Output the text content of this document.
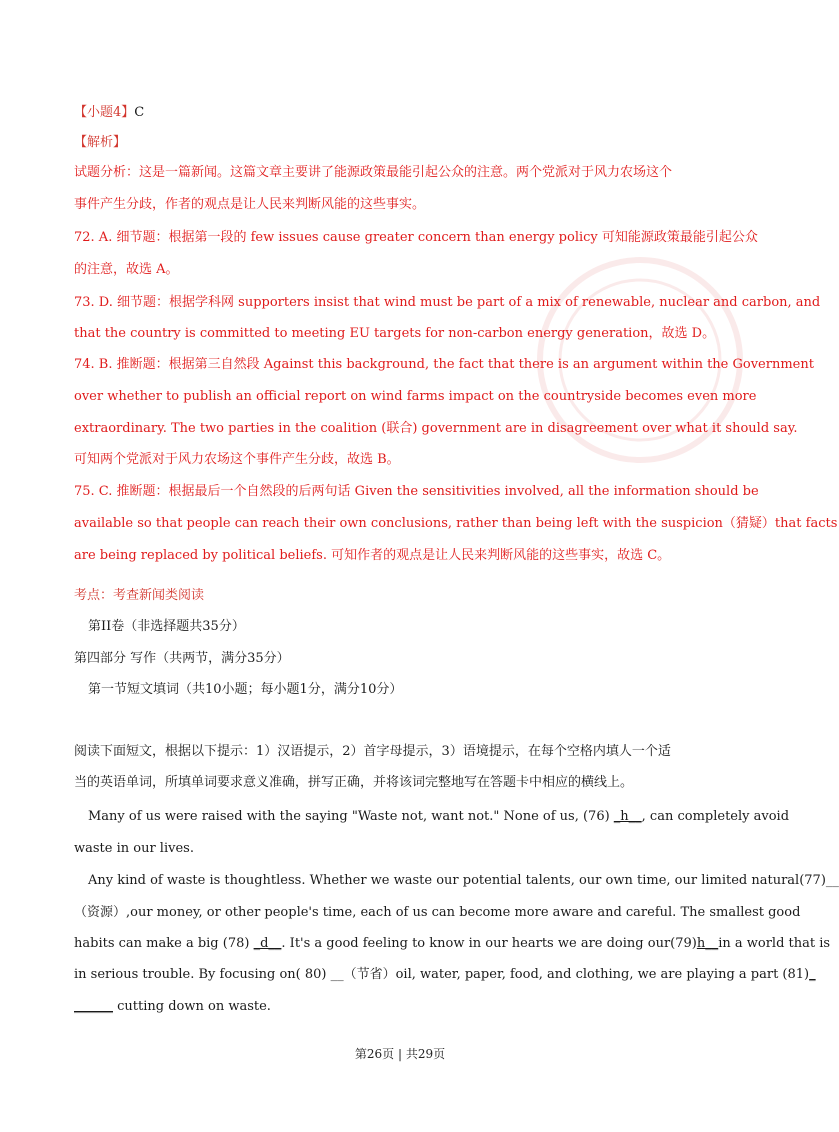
【小题4】C
【解析】
试题分析：这是一篇新闻。这篇文章主要讲了能源政策最能引起公众的注意。两个党派对于风力农场这个
事件产生分歧，作者的观点是让人民来判断风能的这些事实。
72. A. 细节题：根据第一段的 few issues cause greater concern than energy policy 可知能源政策最能引起公众
的注意，故选 A。
73. D. 细节题：根据学科网 supporters insist that wind must be part of a mix of renewable, nuclear and carbon, and
that the country is committed to meeting EU targets for non-carbon energy generation，故选 D。
74. B. 推断题：根据第三自然段 Against this background, the fact that there is an argument within the Government
over whether to publish an official report on wind farms impact on the countryside becomes even more
extraordinary. The two parties in the coalition (联合) government are in disagreement over what it should say.
可知两个党派对于风力农场这个事件产生分歧，故选 B。
75. C. 推断题：根据最后一个自然段的后两句话 Given the sensitivities involved, all the information should be
available so that people can reach their own conclusions, rather than being left with the suspicion（猜疑）that facts
are being replaced by political beliefs. 可知作者的观点是让人民来判断风能的这些事实，故选 C。
考点：考查新闻类阅读
第II卷（非选择题共35分）
第四部分 写作（共两节，满分35分）
第一节短文填词（共10小题；每小题1分，满分10分）
阅读下面短文，根据以下提示：1）汉语提示，2）首字母提示，3）语境提示，在每个空格内填人一个适
当的英语单词，所填单词要求意义准确，拼写正确，并将该词完整地写在答题卡中相应的横线上。
Many of us were raised with the saying "Waste not, want not." None of us, (76) _h__, can completely avoid
waste in our lives.
Any kind of waste is thoughtless. Whether we waste our potential talents, our own time, our limited natural(77)__
（资源）,our money, or other people's time, each of us can become more aware and careful. The smallest good
habits can make a big (78) _d__. It's a good feeling to know in our hearts we are doing our(79)h__in a world that is
in serious trouble. By focusing on( 80) __（节省）oil, water, paper, food, and clothing, we are playing a part (81)_
______ cutting down on waste.
第26页 | 共29页
